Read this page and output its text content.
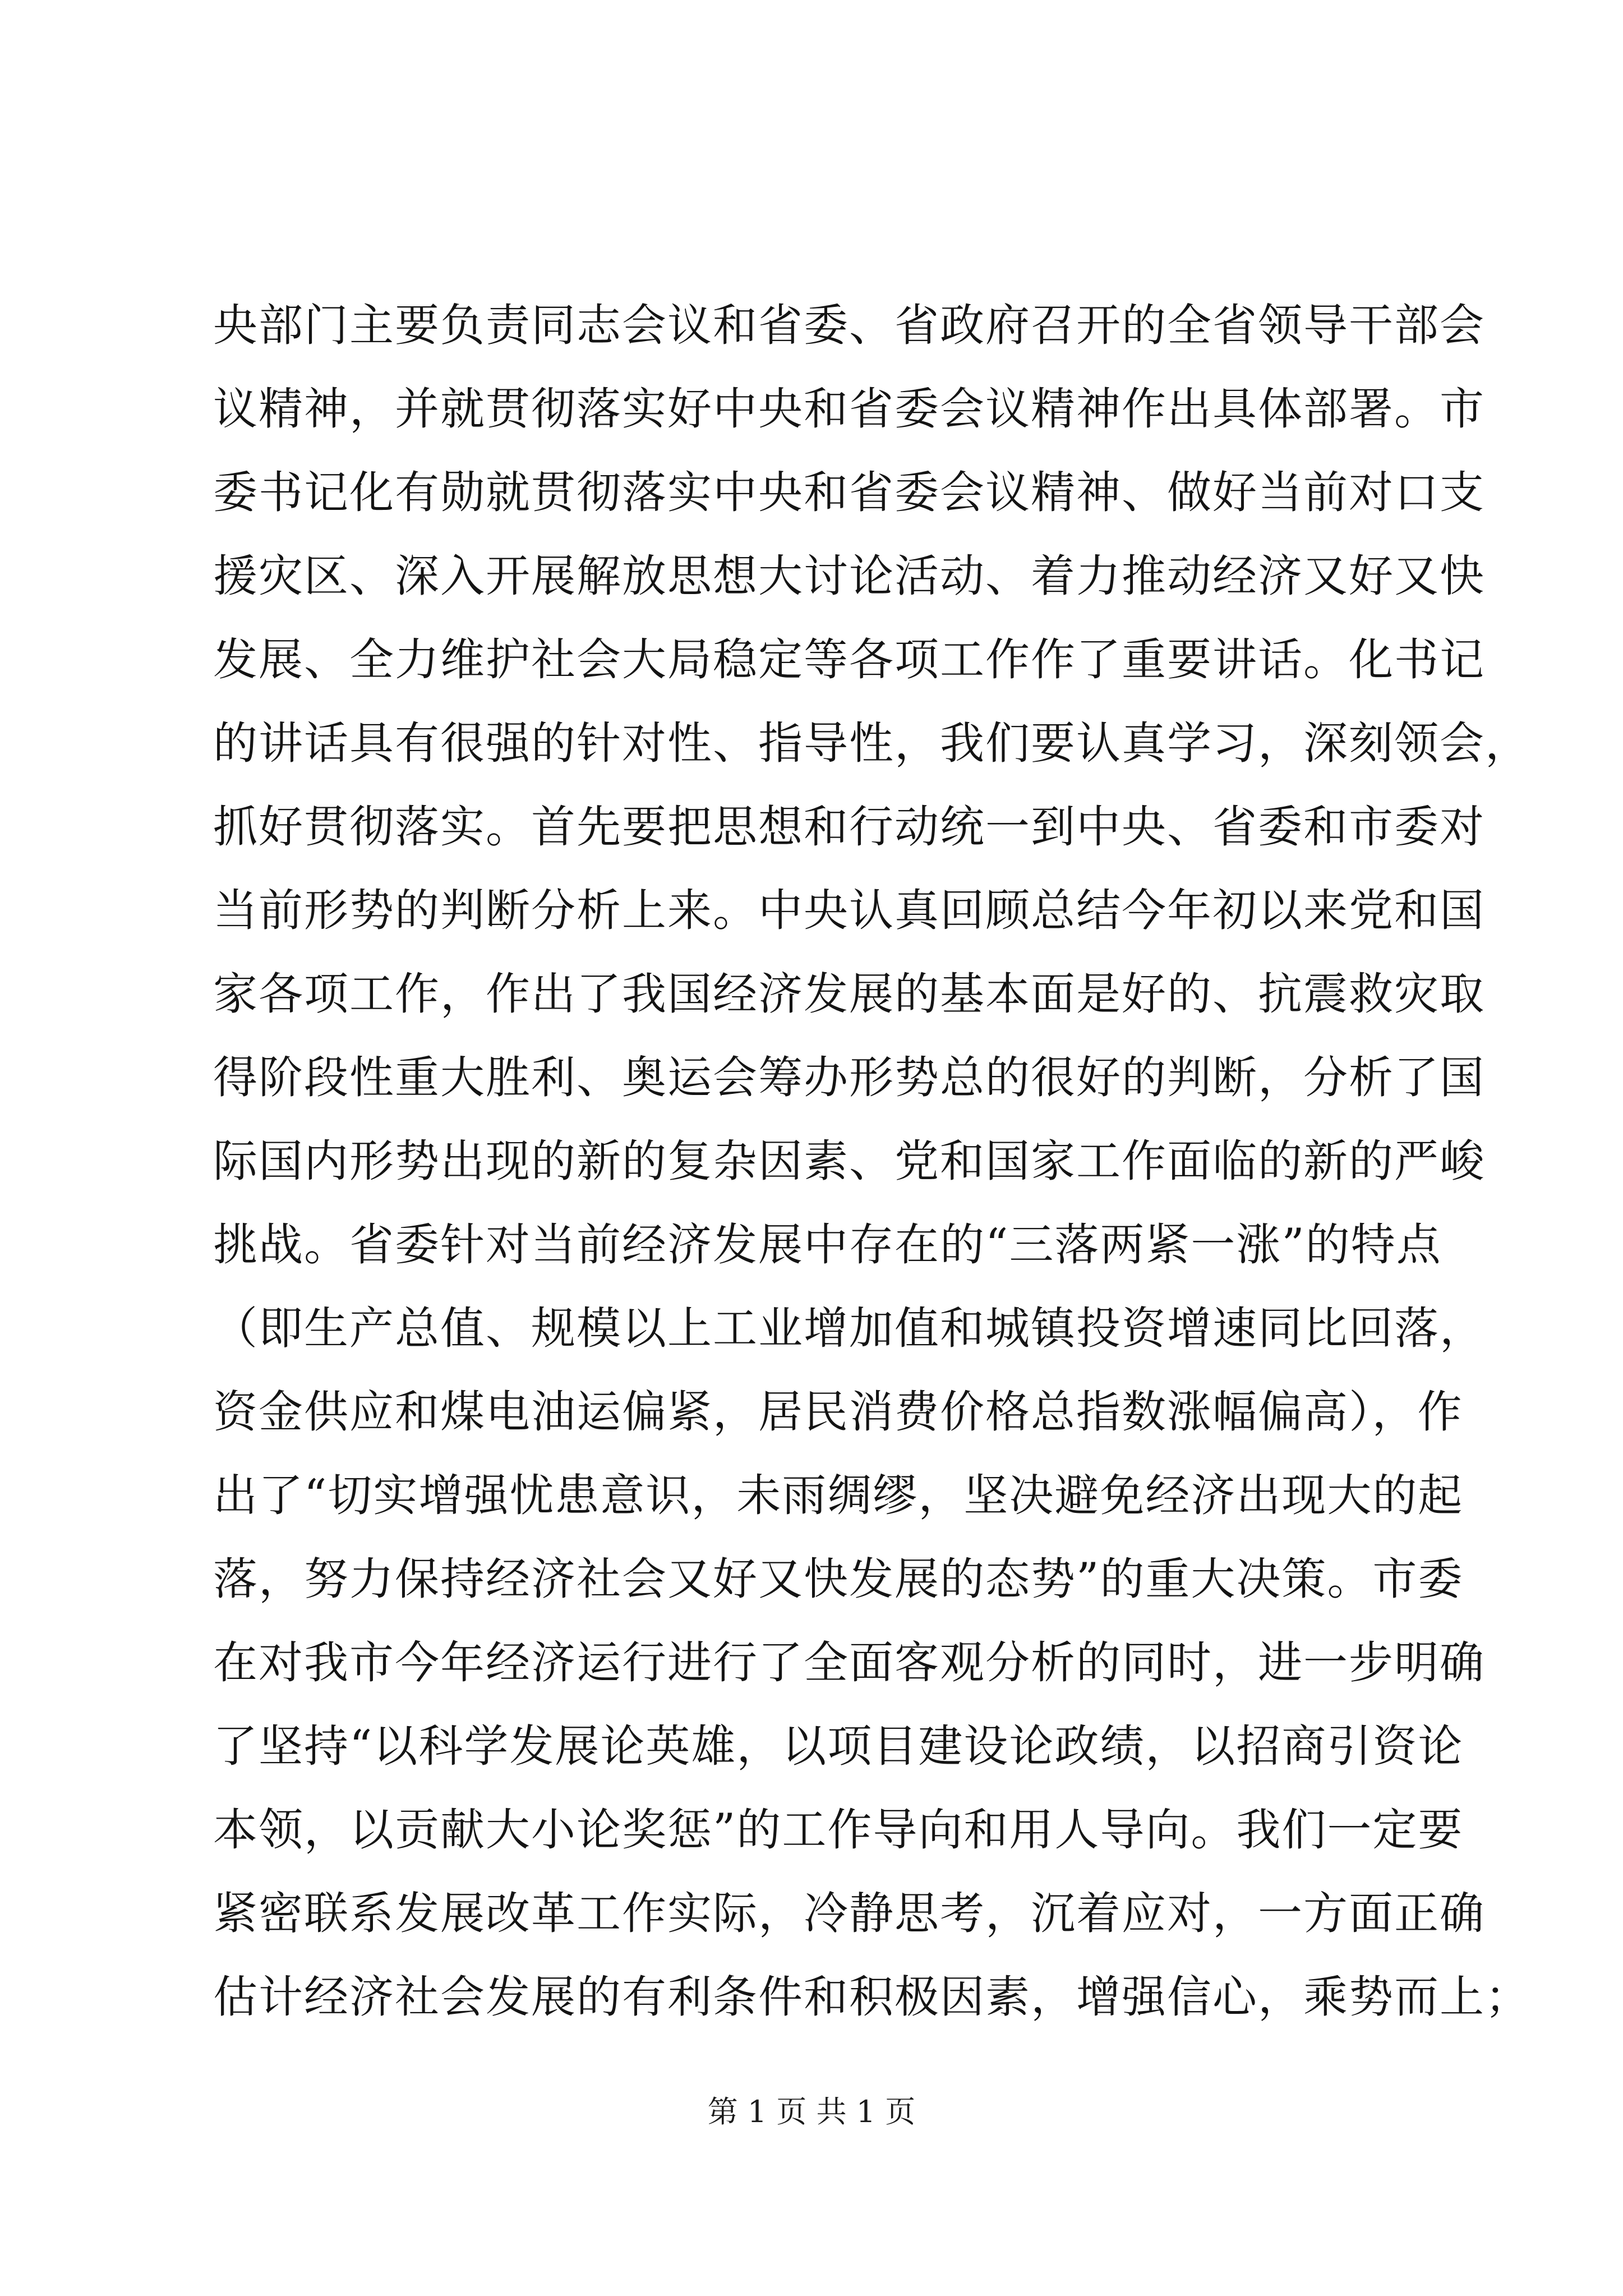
央部门主要负责同志会议和省委、省政府召开的全省领导干部会
议精神，并就贯彻落实好中央和省委会议精神作出具体部署。市
委书记化有勋就贯彻落实中央和省委会议精神、做好当前对口支
援灾区、深入开展解放思想大讨论活动、着力推动经济又好又快
发展、全力维护社会大局稳定等各项工作作了重要讲话。化书记
的讲话具有很强的针对性、指导性，我们要认真学习，深刻领会，
抓好贯彻落实。首先要把思想和行动统一到中央、省委和市委对
当前形势的判断分析上来。中央认真回顾总结今年初以来党和国
家各项工作，作出了我国经济发展的基本面是好的、抗震救灾取
得阶段性重大胜利、奥运会筹办形势总的很好的判断，分析了国
际国内形势出现的新的复杂因素、党和国家工作面临的新的严峻
挑战。省委针对当前经济发展中存在的“三落两紧一涨”的特点
（即生产总值、规模以上工业增加值和城镇投资增速同比回落，
资金供应和煤电油运偏紧，居民消费价格总指数涨幅偏高），作
出了“切实增强忧患意识，未雨绸缪，坚决避免经济出现大的起
落，努力保持经济社会又好又快发展的态势”的重大决策。市委
在对我市今年经济运行进行了全面客观分析的同时，进一步明确
了坚持“以科学发展论英雄，以项目建设论政绩，以招商引资论
本领，以贡献大小论奖惩”的工作导向和用人导向。我们一定要
紧密联系发展改革工作实际，冷静思考，沉着应对，一方面正确
估计经济社会发展的有利条件和积极因素，增强信心，乘势而上；
第 1 页 共 1 页
